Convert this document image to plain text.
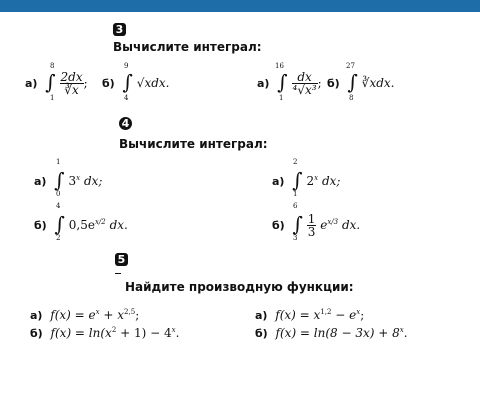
3
Вычислите интеграл:
а) ∫
8
1
$\frac{2dx}{∛x}$ ; б) ∫
9
4
√xdx.	а) ∫
16
1
$\frac{dx}{\text{⁴√x³}}$ ; б) ∫
27
8
∛xdx.
4
Вычислите интеграл:
а) ∫
1
0
3$^x$ dx;	а) ∫
2
1
2$^x$ dx;
б) ∫
4
2
$0,5e^{x/2}$ dx.	б) ∫
6
$3 \frac{1}{3} e^{x/3}$ dx.
5
Найдите производную функции:
а) $f(x) = e^x + x^{2,5}$;	а) $f(x) = x^{1,2} - e^x$;
б) $f(x) = \ln(x^2 + 1) - 4^x$.	б) $f(x) = \ln(8 - 3x) + 8^x$.
